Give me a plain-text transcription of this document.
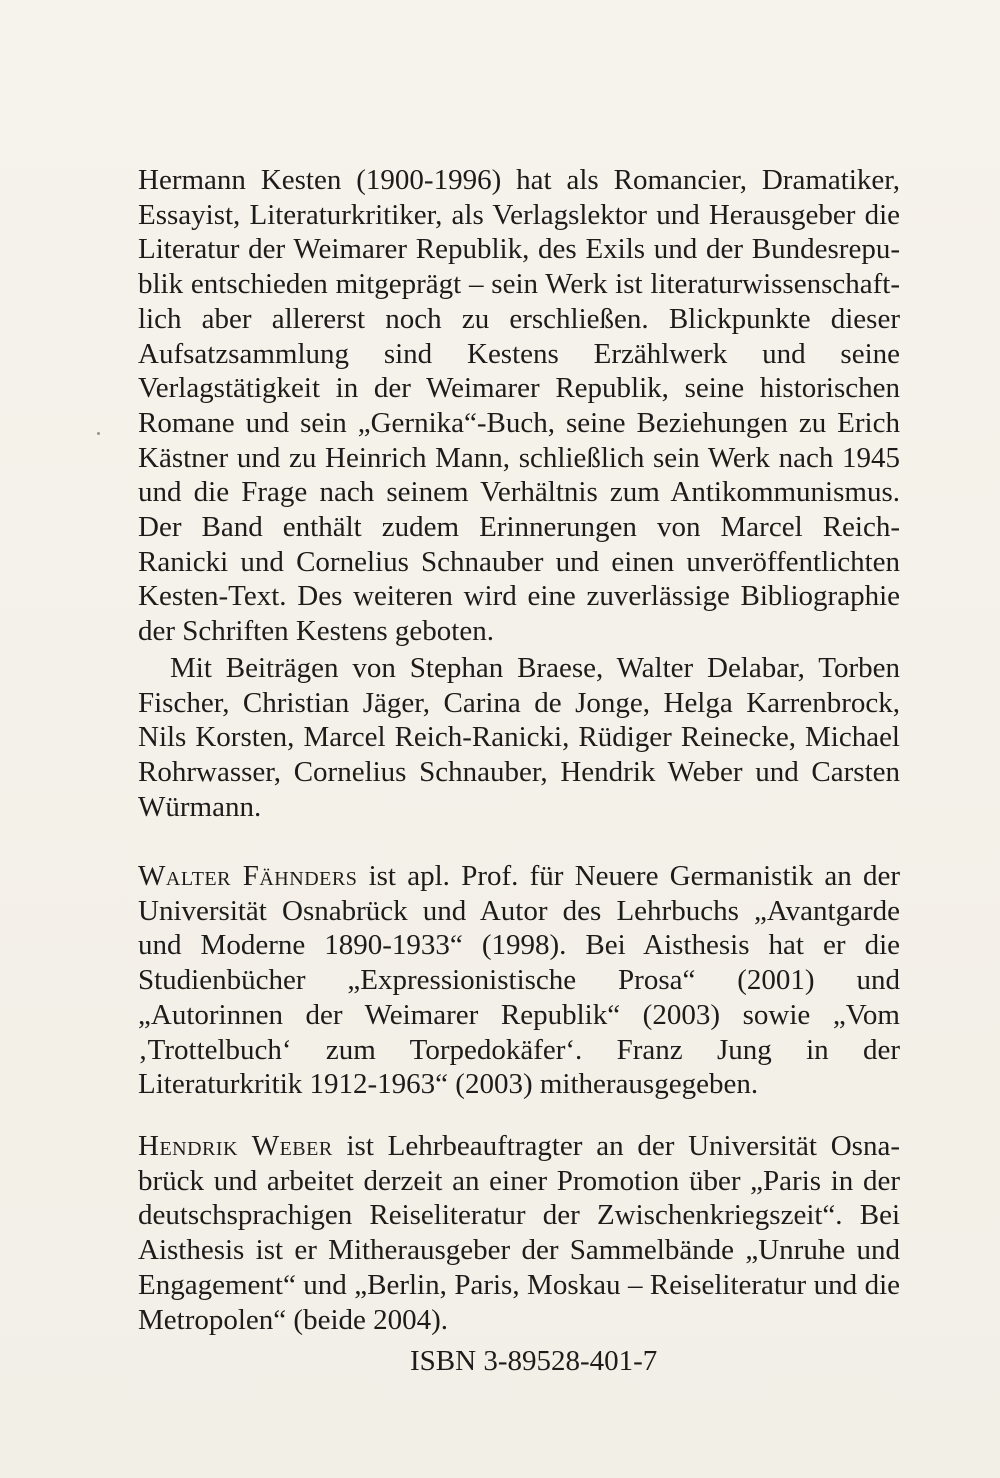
Hermann Kesten (1900-1996) hat als Romancier, Dramatiker, Essayist, Literaturkritiker, als Verlagslektor und Herausgeber die Literatur der Weimarer Republik, des Exils und der Bundesrepublik entschieden mitgeprägt – sein Werk ist literaturwissenschaftlich aber allererst noch zu erschließen. Blickpunkte dieser Aufsatzsammlung sind Kestens Erzählwerk und seine Verlagstätigkeit in der Weimarer Republik, seine historischen Romane und sein „Gernika“-Buch, seine Beziehungen zu Erich Kästner und zu Heinrich Mann, schließlich sein Werk nach 1945 und die Frage nach seinem Verhältnis zum Antikommunismus. Der Band enthält zudem Erinnerungen von Marcel Reich-Ranicki und Cornelius Schnauber und einen unveröffentlichten Kesten-Text. Des weiteren wird eine zuverlässige Bibliographie der Schriften Kestens geboten.

Mit Beiträgen von Stephan Braese, Walter Delabar, Torben Fischer, Christian Jäger, Carina de Jonge, Helga Karrenbrock, Nils Korsten, Marcel Reich-Ranicki, Rüdiger Reinecke, Michael Rohrwasser, Cornelius Schnauber, Hendrik Weber und Carsten Würmann.

Walter Fähnders ist apl. Prof. für Neuere Germanistik an der Universität Osnabrück und Autor des Lehrbuchs „Avantgarde und Moderne 1890-1933“ (1998). Bei Aisthesis hat er die Studienbücher „Expressionistische Prosa“ (2001) und „Autorinnen der Weimarer Republik“ (2003) sowie „Vom ‚Trottelbuch‘ zum Torpedokäfer‘. Franz Jung in der Literaturkritik 1912-1963“ (2003) mitherausgegeben.

Hendrik Weber ist Lehrbeauftragter an der Universität Osnabrück und arbeitet derzeit an einer Promotion über „Paris in der deutschsprachigen Reiseliteratur der Zwischenkriegszeit“. Bei Aisthesis ist er Mitherausgeber der Sammelbände „Unruhe und Engagement“ und „Berlin, Paris, Moskau – Reiseliteratur und die Metropolen“ (beide 2004).

ISBN 3-89528-401-7
